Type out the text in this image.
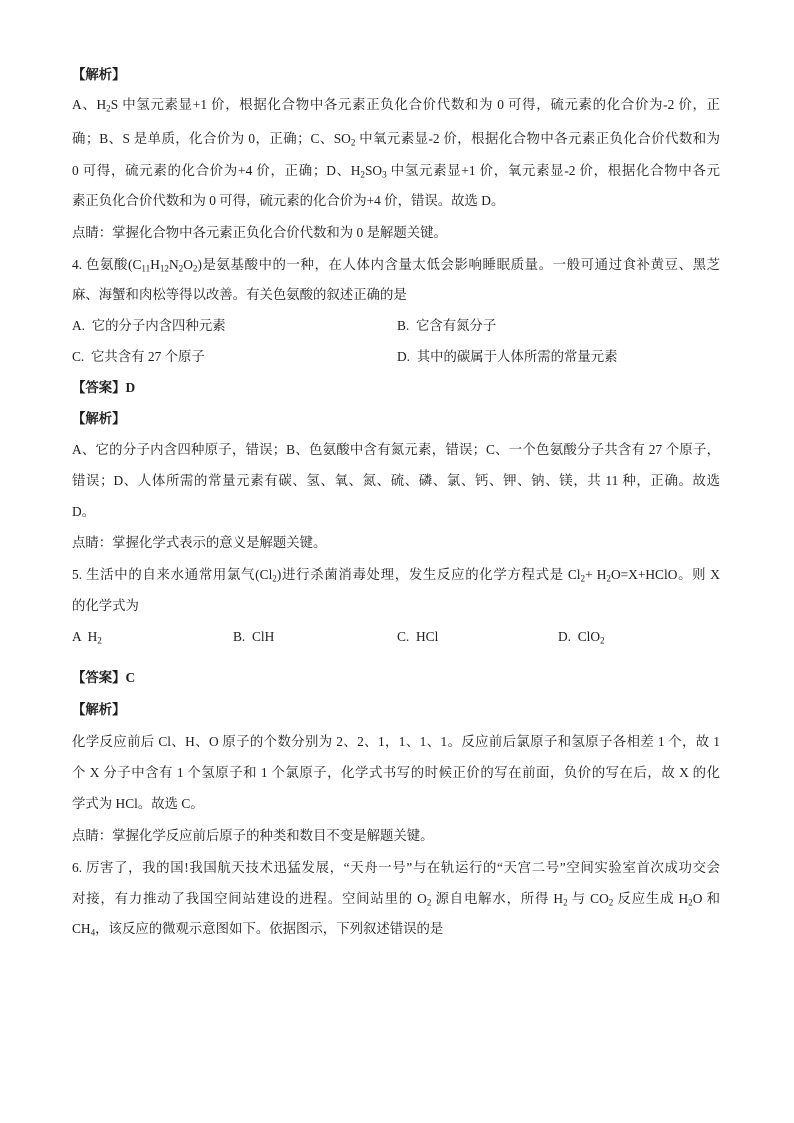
【解析】
A、$H_2S$ 中氢元素显+1 价，根据化合物中各元素正负化合价代数和为 0 可得，硫元素的化合价为-2 价，正
确；B、S 是单质，化合价为 0，正确；C、$SO_2$ 中氧元素显-2 价，根据化合物中各元素正负化合价代数和为
0 可得，硫元素的化合价为+4 价，正确；D、$H_2SO_3$ 中氢元素显+1 价，氧元素显-2 价，根据化合物中各元
素正负化合价代数和为 0 可得，硫元素的化合价为+4 价，错误。故选 D。
点睛：掌握化合物中各元素正负化合价代数和为 0 是解题关键。
4. 色氨酸$(C_{11}H_{12}N_2O_2)$是氨基酸中的一种，在人体内含量太低会影响睡眠质量。一般可通过食补黄豆、黑芝
麻、海蟹和肉松等得以改善。有关色氨酸的叙述正确的是
A.  它的分子内含四种元素	B.  它含有氮分子
C.  它共含有 27 个原子	D.  其中的碳属于人体所需的常量元素
【答案】D
【解析】
A、它的分子内含四种原子，错误；B、色氨酸中含有氮元素，错误；C、一个色氨酸分子共含有 27 个原子，
错误；D、人体所需的常量元素有碳、氢、氧、氮、硫、磷、氯、钙、钾、钠、镁，共 11 种，正确。故选
D。
点睛：掌握化学式表示的意义是解题关键。
5. 生活中的自来水通常用氯气$(Cl_2)$进行杀菌消毒处理，发生反应的化学方程式是 $Cl_2+$ $H_2O=X+HClO$。则 X
的化学式为
A  $H_2$	B.  ClH	C.  HCl	D.  ClO$_2$
【答案】C
【解析】
化学反应前后 Cl、H、O 原子的个数分别为 2、2、1，1、1、1。反应前后氯原子和氢原子各相差 1 个，故 1
个 X 分子中含有 1 个氢原子和 1 个氯原子，化学式书写的时候正价的写在前面，负价的写在后，故 X 的化
学式为 HCl。故选 C。
点睛：掌握化学反应前后原子的种类和数目不变是解题关键。
6. 厉害了，我的国!我国航天技术迅猛发展，“天舟一号”与在轨运行的“天宫二号”空间实验室首次成功交会
对接，有力推动了我国空间站建设的进程。空间站里的 $O_2$ 源自电解水，所得 $H_2$ 与 $CO_2$ 反应生成 $H_2O$ 和
$CH_4$，该反应的微观示意图如下。依据图示，下列叙述错误的是
